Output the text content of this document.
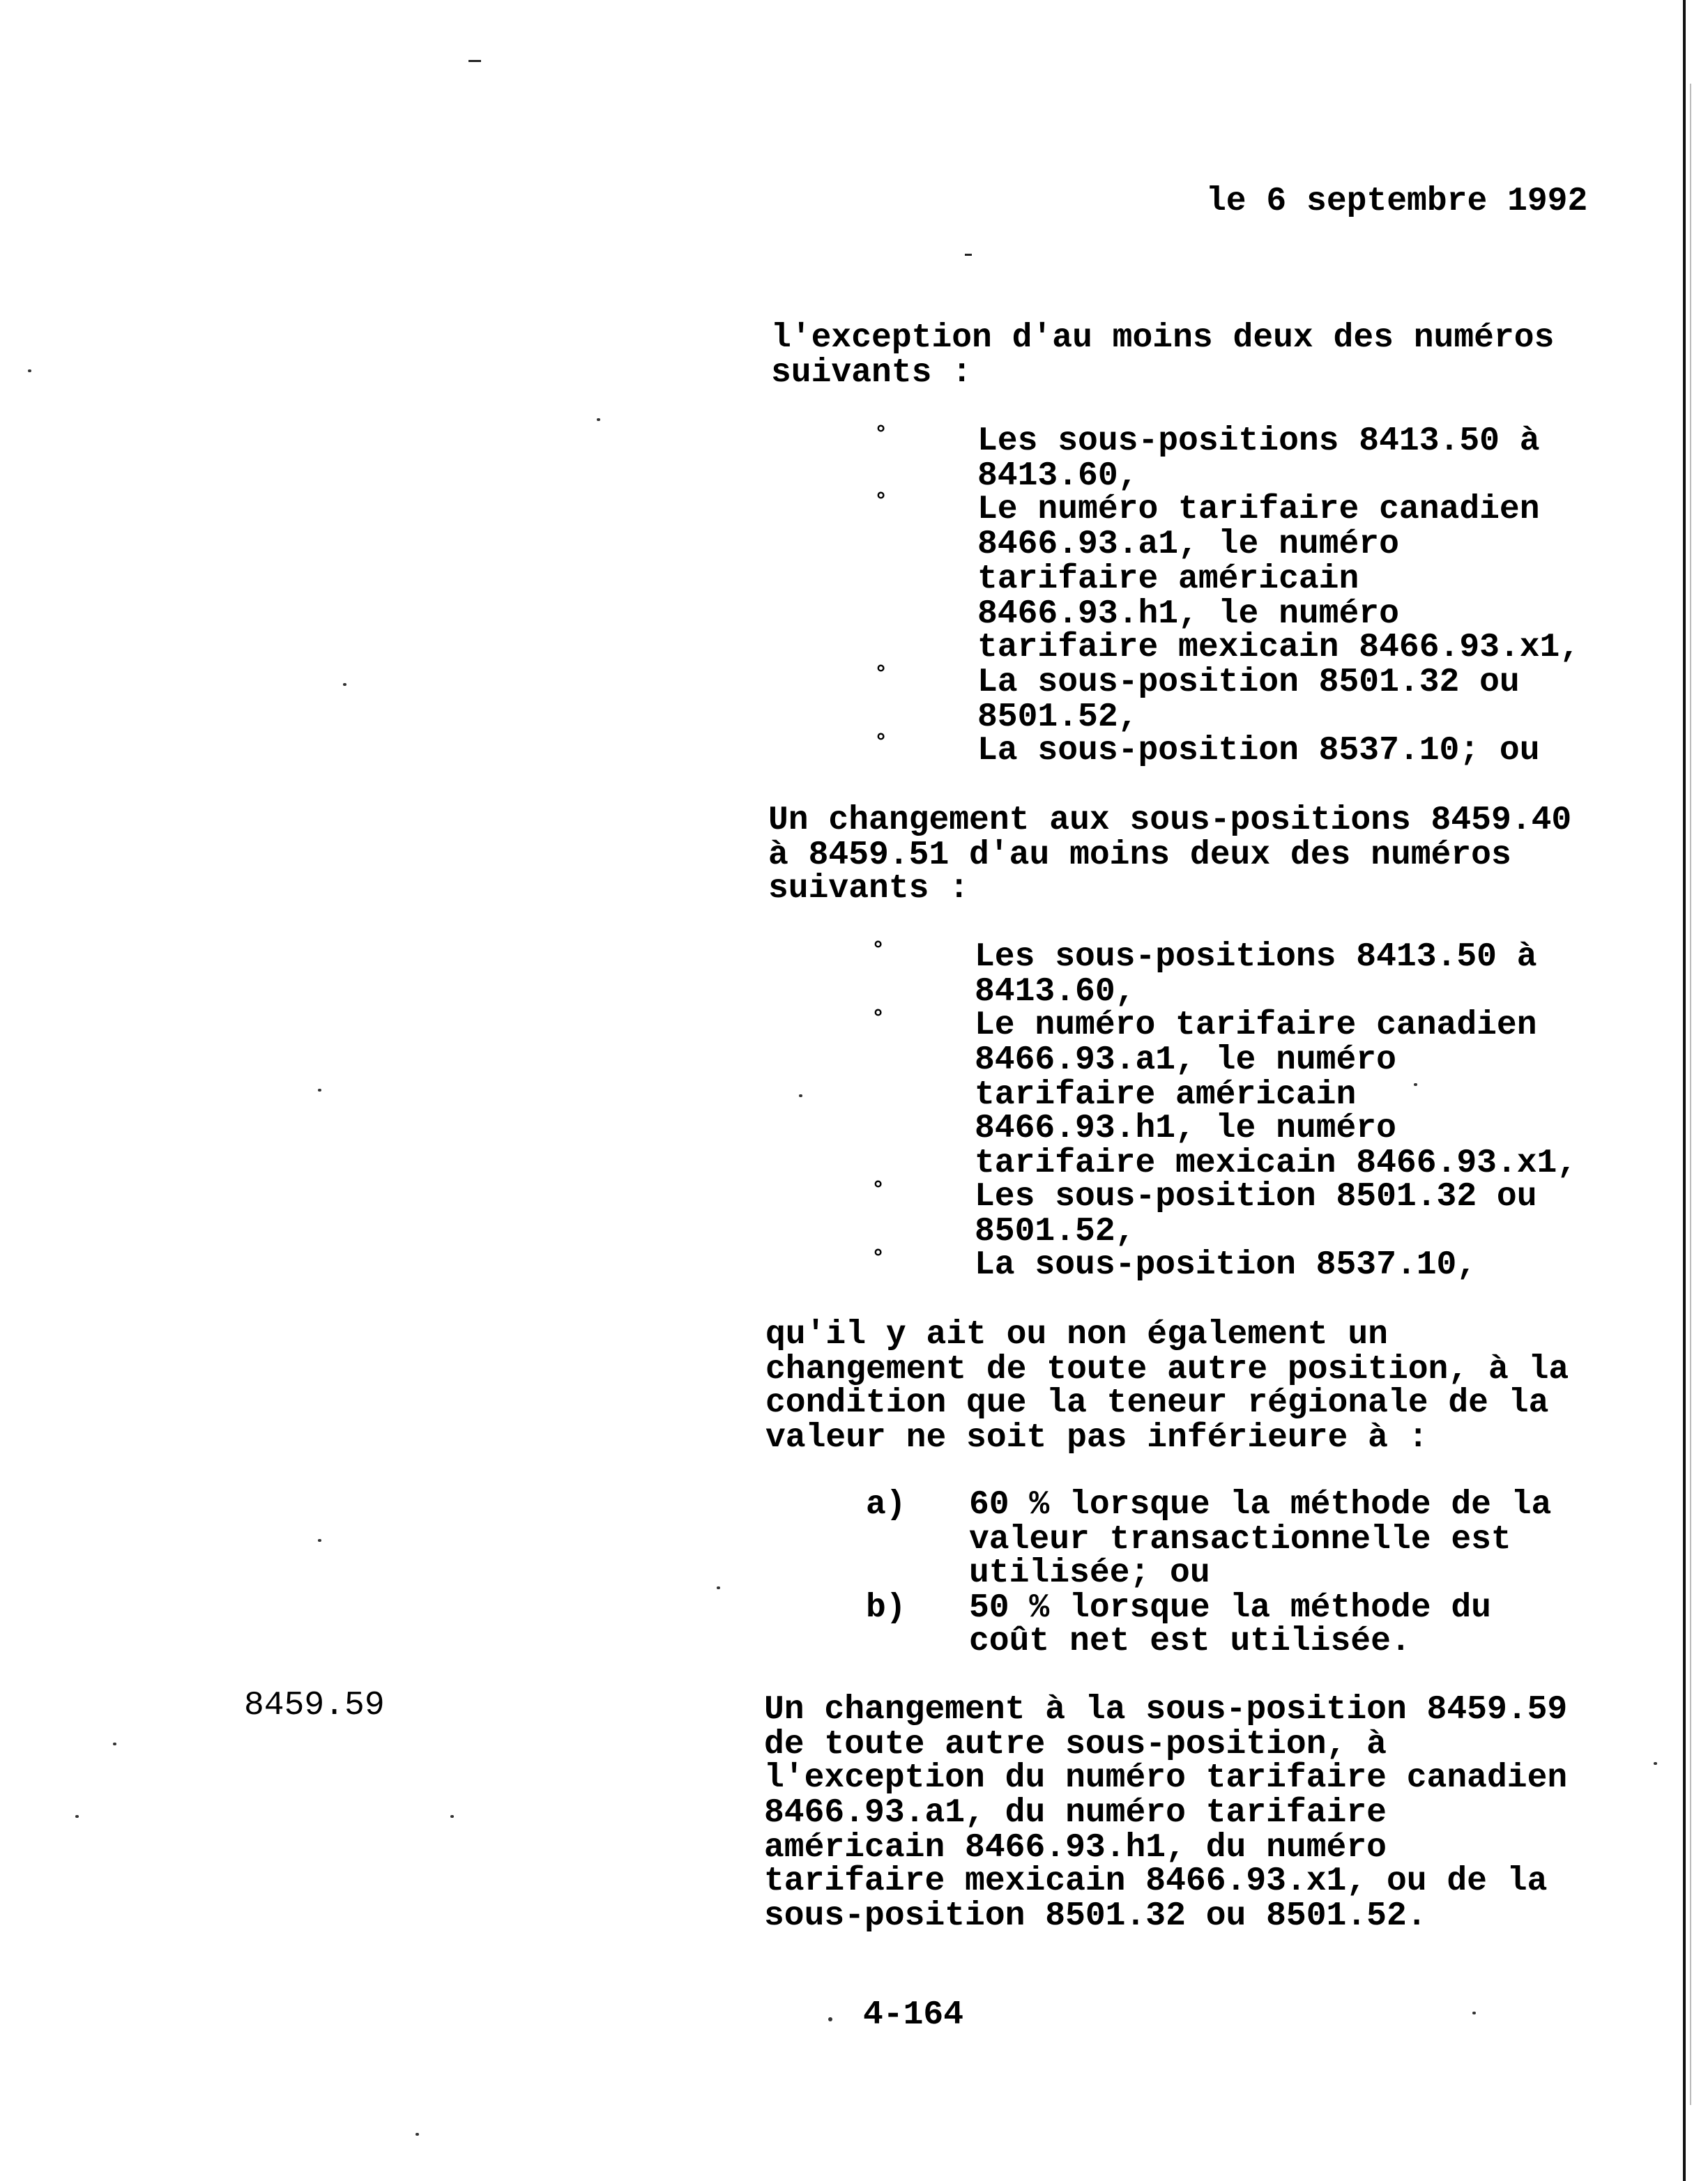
le 6 septembre 1992
l'exception d'au moins deux des numéros
suivants :
°	Les sous-positions 8413.50 à
8413.60,
°	Le numéro tarifaire canadien
8466.93.a1, le numéro
tarifaire américain
8466.93.h1, le numéro
tarifaire mexicain 8466.93.x1,
°	La sous-position 8501.32 ou
8501.52,
°	La sous-position 8537.10; ou
Un changement aux sous-positions 8459.40
à 8459.51 d'au moins deux des numéros
suivants :
°	Les sous-positions 8413.50 à
8413.60,
°	Le numéro tarifaire canadien
8466.93.a1, le numéro
tarifaire américain
8466.93.h1, le numéro
tarifaire mexicain 8466.93.x1,
°	Les sous-position 8501.32 ou
8501.52,
°	La sous-position 8537.10,
qu'il y ait ou non également un
changement de toute autre position, à la
condition que la teneur régionale de la
valeur ne soit pas inférieure à :
a) 60 % lorsque la méthode de la
valeur transactionnelle est
utilisée; ou
b) 50 % lorsque la méthode du
coût net est utilisée.
8459.59	Un changement à la sous-position 8459.59
de toute autre sous-position, à
l'exception du numéro tarifaire canadien
8466.93.a1, du numéro tarifaire
américain 8466.93.h1, du numéro
tarifaire mexicain 8466.93.x1, ou de la
sous-position 8501.32 ou 8501.52.
4-164
